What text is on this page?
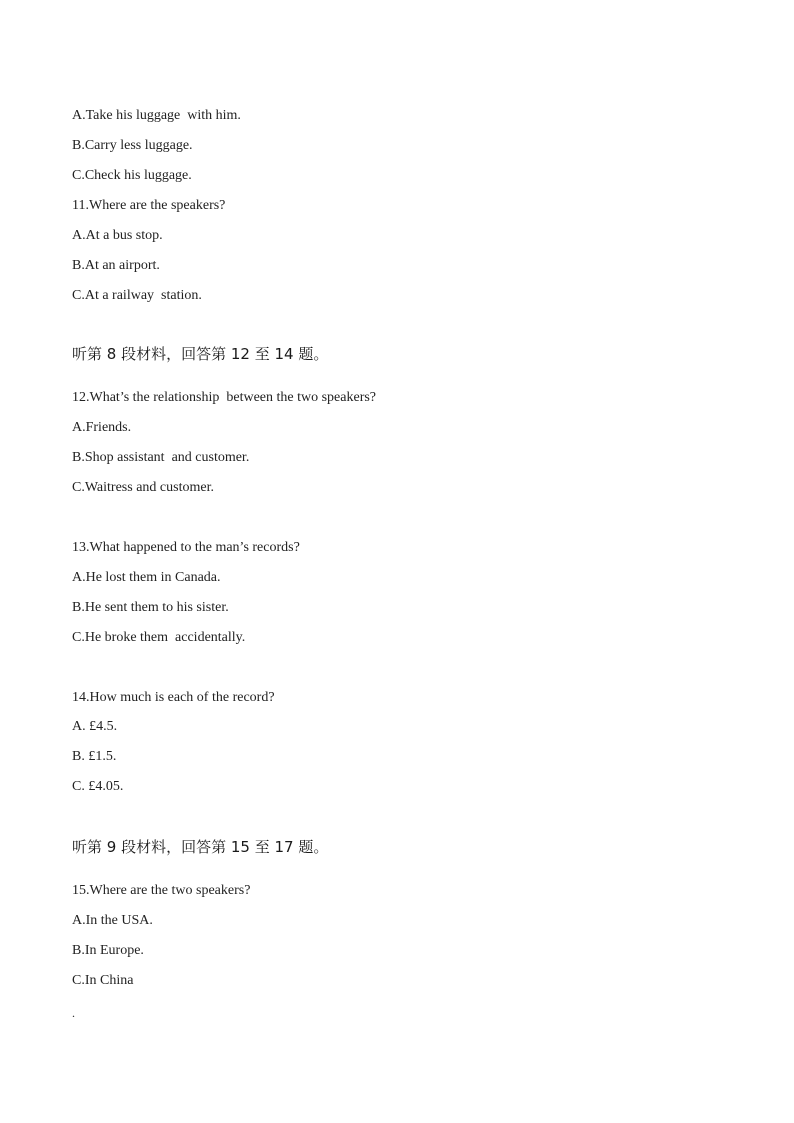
A.Take his luggage  with him.
B.Carry less luggage.
C.Check his luggage.
11.Where are the speakers?
A.At a bus stop.
B.At an airport.
C.At a railway  station.
听第 8 段材料，回答第 12 至 14 题。
12.What’s the relationship  between the two speakers?
A.Friends.
B.Shop assistant  and customer.
C.Waitress and customer.
13.What happened to the man’s records?
A.He lost them in Canada.
B.He sent them to his sister.
C.He broke them  accidentally.
14.How much is each of the record?
A. £4.5.
B. £1.5.
C. £4.05.
听第 9 段材料，回答第 15 至 17 题。
15.Where are the two speakers?
A.In the USA.
B.In Europe.
C.In China
.
